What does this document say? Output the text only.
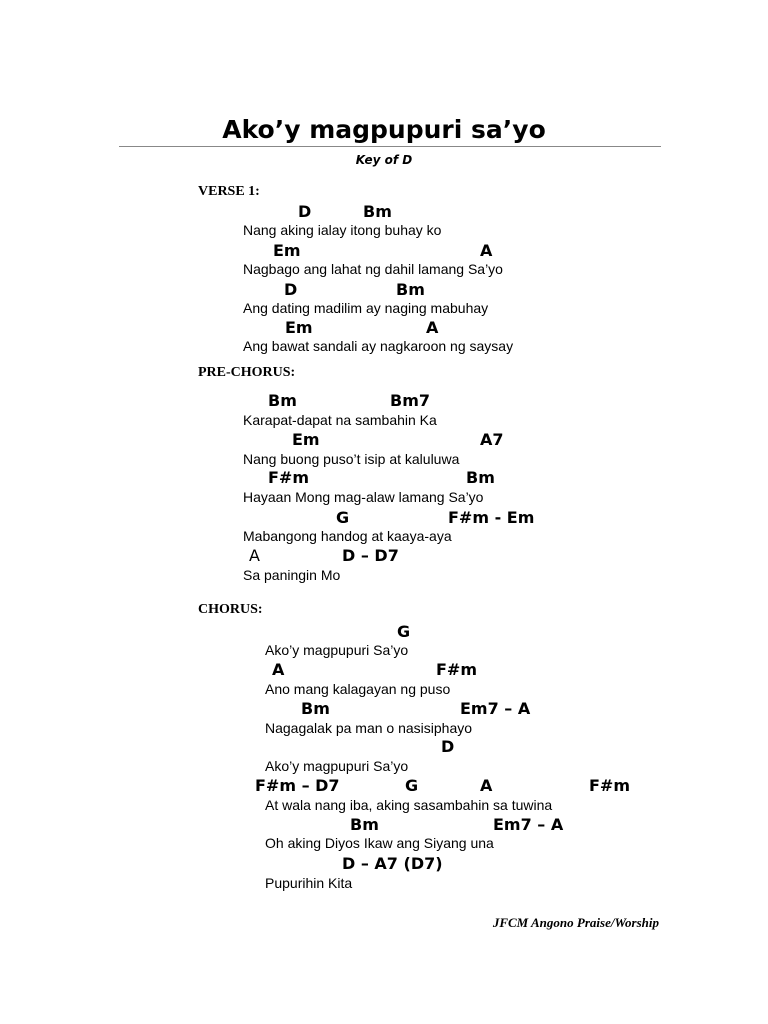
Ako’y magpupuri sa’yo
Key of D
VERSE 1:
D	Bm
Nang aking ialay itong buhay ko
Em	A
Nagbago ang lahat ng dahil lamang Sa’yo
D	Bm
Ang dating madilim ay naging mabuhay
Em	A
Ang bawat sandali ay nagkaroon ng saysay
PRE-CHORUS:
Bm	Bm7
Karapat-dapat na sambahin Ka
Em	A7
Nang buong puso’t isip at kaluluwa
F#m	Bm
Hayaan Mong mag-alaw lamang Sa’yo
G	F#m - Em
Mabangong handog at kaaya-aya
A	D – D7
Sa paningin Mo
CHORUS:
G
Ako’y magpupuri Sa’yo
A	F#m
Ano mang kalagayan ng puso
Bm	Em7 – A
Nagagalak pa man o nasisiphayo
D
Ako’y magpupuri Sa’yo
F#m – D7	G	A	F#m
At wala nang iba, aking sasambahin sa tuwina
Bm	Em7 – A
Oh aking Diyos Ikaw ang Siyang una
D – A7 (D7)
Pupurihin Kita
JFCM Angono Praise/Worship
